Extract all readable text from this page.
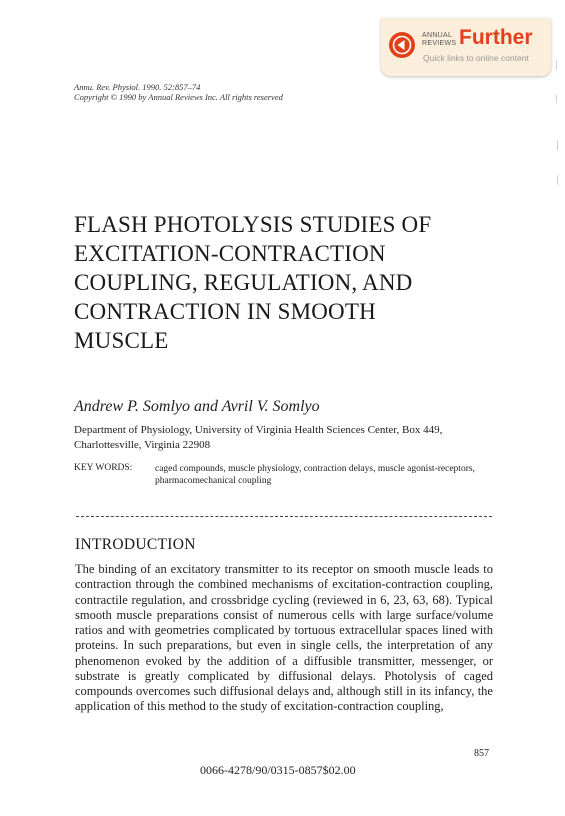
ANNUAL
REVIEWS Further
Quick links to online content
Annu. Rev. Physiol. 1990. 52:857–74
Copyright © 1990 by Annual Reviews Inc. All rights reserved
FLASH PHOTOLYSIS STUDIES OF
EXCITATION-CONTRACTION
COUPLING, REGULATION, AND
CONTRACTION IN SMOOTH
MUSCLE
Andrew P. Somlyo and Avril V. Somlyo
Department of Physiology, University of Virginia Health Sciences Center, Box 449, Charlottesville, Virginia 22908
KEY WORDS: caged compounds, muscle physiology, contraction delays, muscle agonist-receptors, pharmacomechanical coupling
INTRODUCTION
The binding of an excitatory transmitter to its receptor on smooth muscle leads to contraction through the combined mechanisms of excitation-contraction coupling, contractile regulation, and crossbridge cycling (reviewed in 6, 23, 63, 68). Typical smooth muscle preparations consist of numerous cells with large surface/volume ratios and with geometries complicated by tortuous extracellular spaces lined with proteins. In such preparations, but even in single cells, the interpretation of any phenomenon evoked by the addition of a diffusible transmitter, messenger, or substrate is greatly complicated by diffusional delays. Photolysis of caged compounds overcomes such diffusional delays and, although still in its infancy, the application of this method to the study of excitation-contraction coupling,
857
0066-4278/90/0315-0857$02.00
